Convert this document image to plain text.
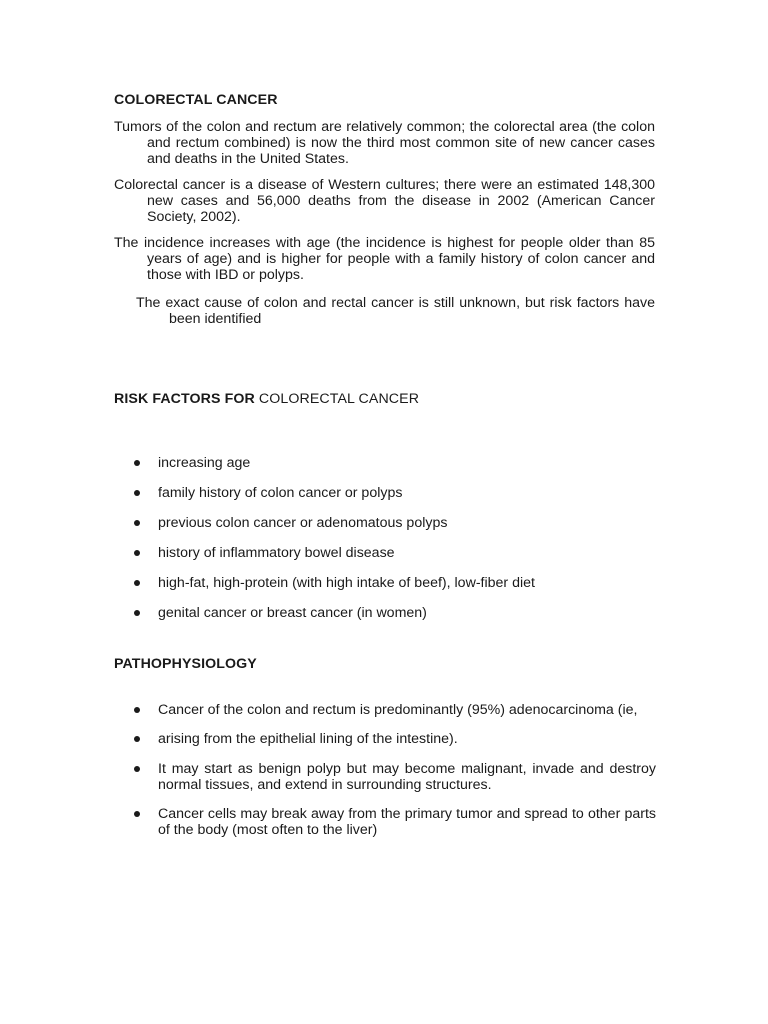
COLORECTAL CANCER
Tumors of the colon and rectum are relatively common; the colorectal area (the colon and rectum combined) is now the third most common site of new cancer cases and deaths in the United States.
Colorectal cancer is a disease of Western cultures; there were an estimated 148,300 new cases and 56,000 deaths from the disease in 2002 (American Cancer Society, 2002).
The incidence increases with age (the incidence is highest for people older than 85 years of age) and is higher for people with a family history of colon cancer and those with IBD or polyps.
The exact cause of colon and rectal cancer is still unknown, but risk factors have been identified
RISK FACTORS FOR COLORECTAL CANCER
increasing age
family history of colon cancer or polyps
previous colon cancer or adenomatous polyps
history of inflammatory bowel disease
high-fat, high-protein (with high intake of beef), low-fiber diet
genital cancer or breast cancer (in women)
PATHOPHYSIOLOGY
Cancer of the colon and rectum is predominantly (95%) adenocarcinoma (ie,
arising from the epithelial lining of the intestine).
It may start as benign polyp but may become malignant, invade and destroy normal tissues, and extend in surrounding structures.
Cancer cells may break away from the primary tumor and spread to other parts of the body (most often to the liver)
